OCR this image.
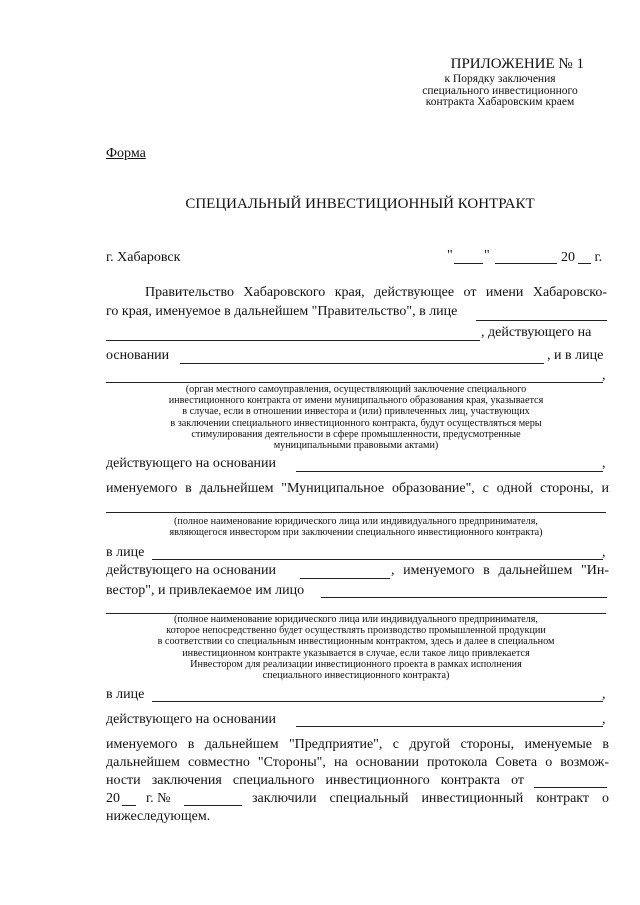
ПРИЛОЖЕНИЕ № 1
к Порядку заключения
специального инвестиционного
контракта Хабаровским краем
Форма
СПЕЦИАЛЬНЫЙ ИНВЕСТИЦИОННЫЙ КОНТРАКТ
г. Хабаровск	" "	20 г.
Правительство Хабаровского края, действующее от имени Хабаровско-
го края, именуемое в дальнейшем "Правительство", в лице
, действующего на
основании	, и в лице
,
(орган местного самоуправления, осуществляющий заключение специального
инвестиционного контракта от имени муниципального образования края, указывается
в случае, если в отношении инвестора и (или) привлеченных лиц, участвующих
в заключении специального инвестиционного контракта, будут осуществляться меры
стимулирования деятельности в сфере промышленности, предусмотренные
муниципальными правовыми актами)
действующего на основании	,
именуемого в дальнейшем "Муниципальное образование", с одной стороны, и
(полное наименование юридического лица или индивидуального предпринимателя,
являющегося инвестором при заключении специального инвестиционного контракта)
в лице	,
действующего на основании	, именуемого в дальнейшем "Ин-
вестор", и привлекаемое им лицо
(полное наименование юридического лица или индивидуального предпринимателя,
которое непосредственно будет осуществлять производство промышленной продукции
в соответствии со специальным инвестиционным контрактом, здесь и далее в специальном
инвестиционном контракте указывается в случае, если такое лицо привлекается
Инвестором для реализации инвестиционного проекта в рамках исполнения
специального инвестиционного контракта)
в лице	,
действующего на основании	,
именуемого в дальнейшем "Предприятие", с другой стороны, именуемые в
дальнейшем совместно "Стороны", на основании протокола Совета о возмож-
ности заключения специального инвестиционного контракта от
20 г. №	заключили специальный инвестиционный контракт о
нижеследующем.
